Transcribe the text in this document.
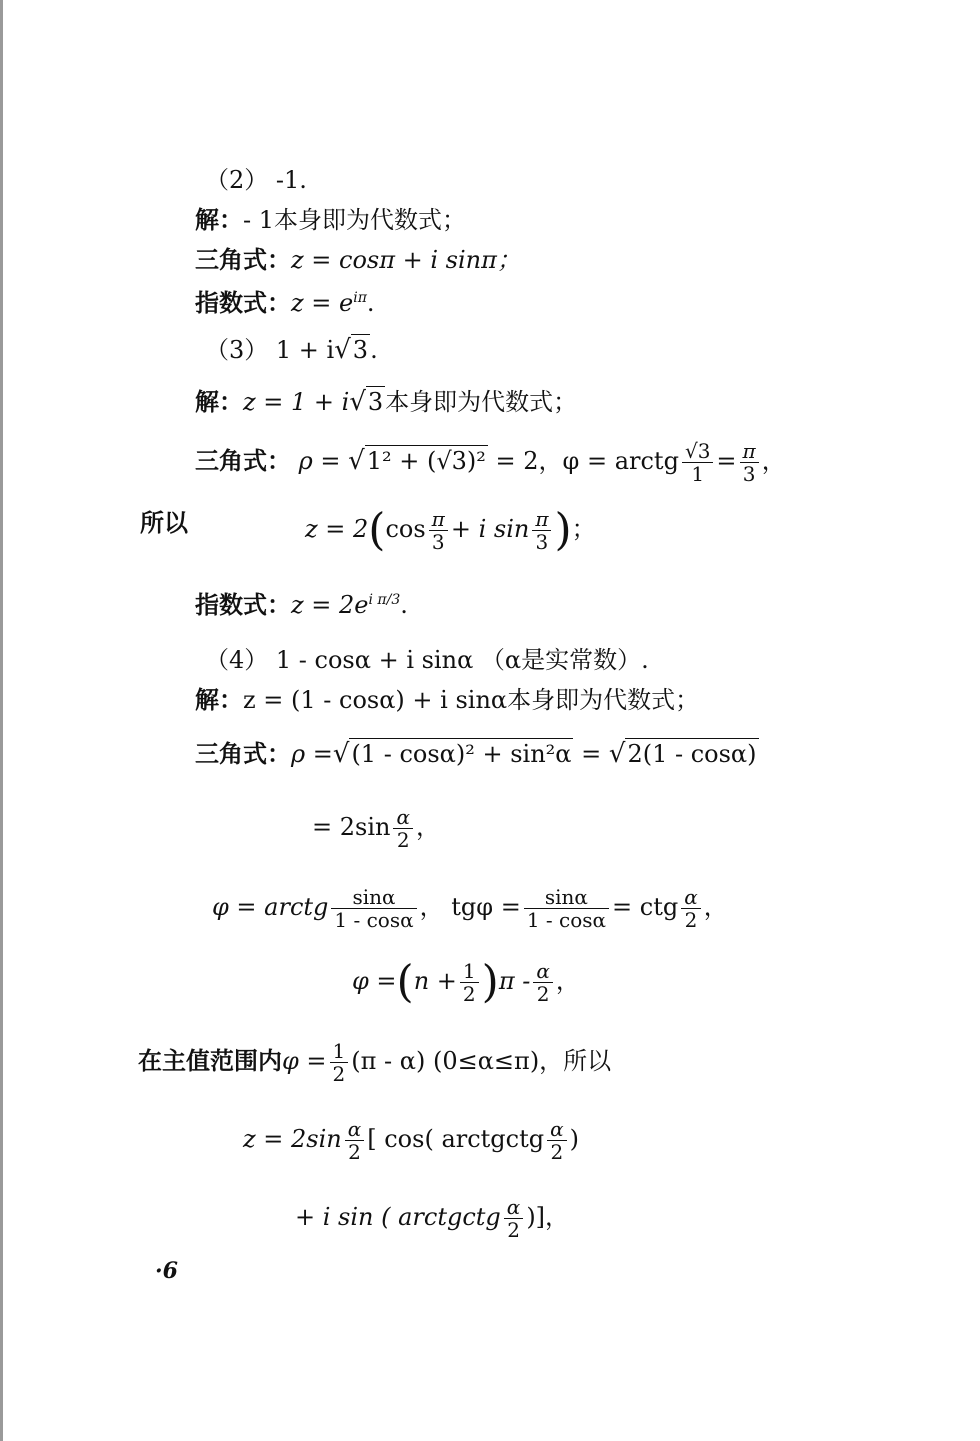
（2） -1.
解：- 1本身即为代数式；
三角式：z = cosπ + i sinπ；
指数式：$z = e^{i\pi}$.
（3） 1 + i√3.
解：z = 1 + i√3本身即为代数式；
三角式： ρ = √1² + (√3)² = 2，φ = arctg $\frac{√3}{1} = \frac{\pi}{3}$ ，
所以	$z = 2(\cos \frac{\pi}{3} + i$ $\sin \frac{\pi}{3}$ )；
指数式：$z = 2e^{i \pi/3}$.
（4） 1 - cosα + i sinα （α是实常数）.
解：z = (1 - cosα) + i sinα本身即为代数式；
三角式：ρ =√(1 - cosα)² + sin²α = √2(1 - cosα)
= $2\sin \frac{\alpha}{2}$ ，
φ = arctg $\frac{\sin\alpha}{1 - \cos\alpha}$ ， $tg\varphi = \frac{\sin\alpha}{1 - \cos\alpha}$ = ctg $\frac{\alpha}{2}$ ，
$\varphi =(n + \frac{1}{2} )\pi - \frac{\alpha}{2}$ ，
在主值范围内$\varphi = \frac{1}{2} (\pi - \alpha)$ (0≤α≤π)，所以
$z = 2\sin \frac{\alpha}{2}$ [ cos( arctgctg $\frac{\alpha}{2}$ )
+ i sin ( arctgctg $\frac{\alpha}{2}$ )]，
·6
